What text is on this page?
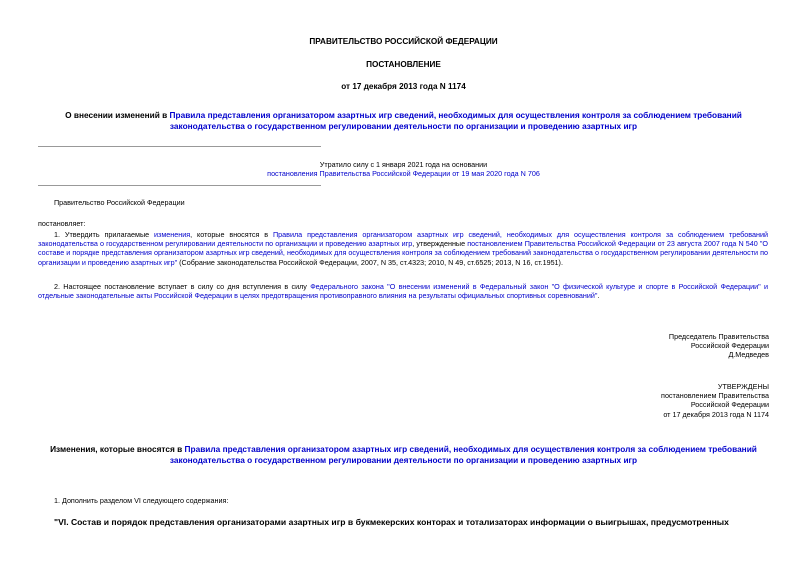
ПРАВИТЕЛЬСТВО РОССИЙСКОЙ ФЕДЕРАЦИИ
ПОСТАНОВЛЕНИЕ
от 17 декабря 2013 года N 1174
О внесении изменений в Правила представления организатором азартных игр сведений, необходимых для осуществления контроля за соблюдением требований законодательства о государственном регулировании деятельности по организации и проведению азартных игр
Утратило силу с 1 января 2021 года на основании
постановления Правительства Российской Федерации от 19 мая 2020 года N 706
Правительство Российской Федерации
постановляет:
1. Утвердить прилагаемые изменения, которые вносятся в Правила представления организатором азартных игр сведений, необходимых для осуществления контроля за соблюдением требований законодательства о государственном регулировании деятельности по организации и проведению азартных игр, утвержденные постановлением Правительства Российской Федерации от 23 августа 2007 года N 540 "О составе и порядке представления организатором азартных игр сведений, необходимых для осуществления контроля за соблюдением требований законодательства о государственном регулировании деятельности по организации и проведению азартных игр" (Собрание законодательства Российской Федерации, 2007, N 35, ст.4323; 2010, N 49, ст.6525; 2013, N 16, ст.1951).
2. Настоящее постановление вступает в силу со дня вступления в силу Федерального закона "О внесении изменений в Федеральный закон "О физической культуре и спорте в Российской Федерации" и отдельные законодательные акты Российской Федерации в целях предотвращения противоправного влияния на результаты официальных спортивных соревнований".
Председатель Правительства
Российской Федерации
Д.Медведев
УТВЕРЖДЕНЫ
постановлением Правительства
Российской Федерации
от 17 декабря 2013 года N 1174
Изменения, которые вносятся в Правила представления организатором азартных игр сведений, необходимых для осуществления контроля за соблюдением требований законодательства о государственном регулировании деятельности по организации и проведению азартных игр
1. Дополнить разделом VI следующего содержания:
"VI. Состав и порядок представления организаторами азартных игр в букмекерских конторах и тотализаторах информации о выигрышах, предусмотренных
